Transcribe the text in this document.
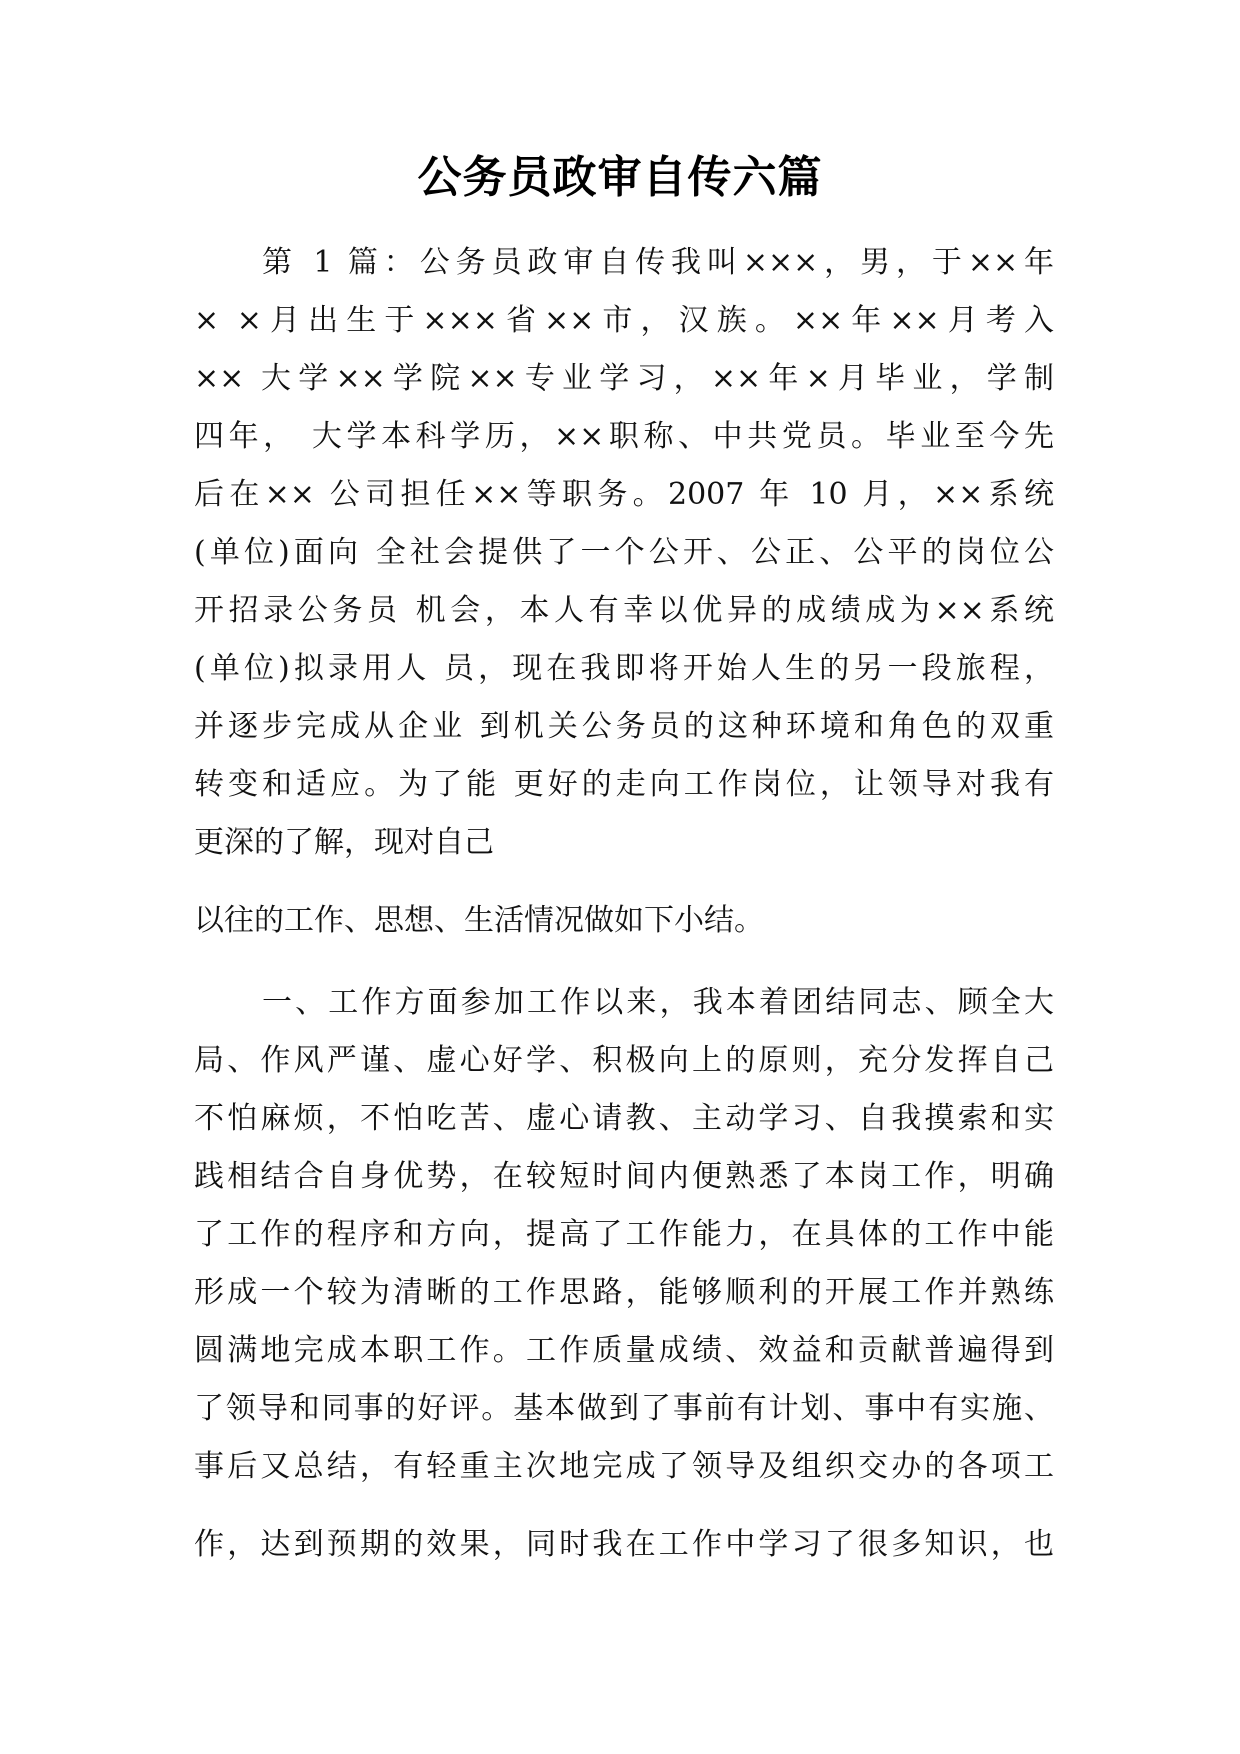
公务员政审自传六篇
第 1 篇：公务员政审自传我叫×××，男，于××年
× ×月出生于×××省××市，汉族。××年××月考入
×× 大学××学院××专业学习，××年×月毕业，学制
四年， 大学本科学历，××职称、中共党员。毕业至今先
后在×× 公司担任××等职务。2007 年 10 月，××系统
(单位)面向 全社会提供了一个公开、公正、公平的岗位公
开招录公务员 机会，本人有幸以优异的成绩成为××系统
(单位)拟录用人 员，现在我即将开始人生的另一段旅程，
并逐步完成从企业 到机关公务员的这种环境和角色的双重
转变和适应。为了能 更好的走向工作岗位，让领导对我有
更深的了解，现对自己
以往的工作、思想、生活情况做如下小结。
一、工作方面参加工作以来，我本着团结同志、顾全大
局、作风严谨、虚心好学、积极向上的原则，充分发挥自己
不怕麻烦，不怕吃苦、虚心请教、主动学习、自我摸索和实
践相结合自身优势，在较短时间内便熟悉了本岗工作，明确
了工作的程序和方向，提高了工作能力，在具体的工作中能
形成一个较为清晰的工作思路，能够顺利的开展工作并熟练
圆满地完成本职工作。工作质量成绩、效益和贡献普遍得到
了领导和同事的好评。基本做到了事前有计划、事中有实施、
事后又总结，有轻重主次地完成了领导及组织交办的各项工
作，达到预期的效果，同时我在工作中学习了很多知识，也
